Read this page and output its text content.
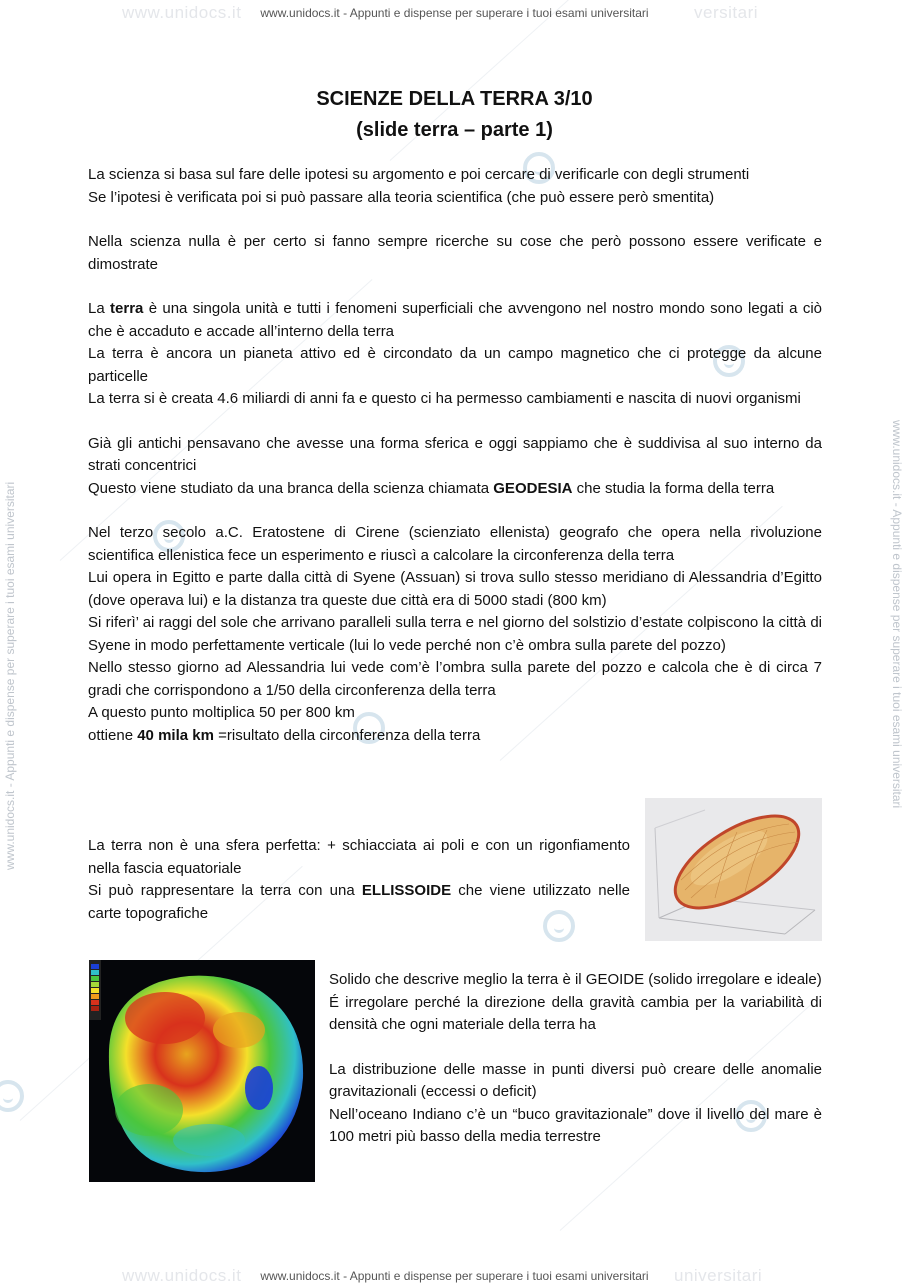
www.unidocs.it	versitari
www.unidocs.it	universitari
www.unidocs.it - Appunti e dispense per superare i tuoi esami universitari
www.unidocs.it - Appunti e dispense per superare i tuoi esami universitari
www.unidocs.it - Appunti e dispense per superare i tuoi esami universitari	www.unidocs.it - Appunti e dispense per superare i tuoi esami universitari
SCIENZE DELLA TERRA 3/10
(slide terra – parte 1)
La scienza si basa sul fare delle ipotesi su argomento e poi cercare di verificarle con degli strumenti
Se l’ipotesi è verificata poi si può passare alla teoria scientifica (che può essere però smentita)
Nella scienza nulla è per certo si fanno sempre ricerche su cose che però possono essere verificate e dimostrate
La terra è una singola unità e tutti i fenomeni superficiali che avvengono nel nostro mondo sono legati a ciò che è accaduto e accade all’interno della terra
La terra è ancora un pianeta attivo ed è circondato da un campo magnetico che ci protegge da alcune particelle
La terra si è creata 4.6 miliardi di anni fa e questo ci ha permesso cambiamenti e nascita di nuovi organismi
Già gli antichi pensavano che avesse una forma sferica e oggi sappiamo che è suddivisa al suo interno da strati concentrici
Questo viene studiato da una branca della scienza chiamata GEODESIA che studia la forma della terra
Nel terzo secolo a.C. Eratostene di Cirene (scienziato ellenista) geografo che opera nella rivoluzione scientifica ellenistica fece un esperimento e riuscì a calcolare la circonferenza della terra
Lui opera in Egitto e parte dalla città di Syene (Assuan) si trova sullo stesso meridiano di Alessandria d’Egitto (dove operava lui) e la distanza tra queste due città era di 5000 stadi (800 km)
Si riferì’ ai raggi del sole che arrivano paralleli sulla terra e nel giorno del solstizio d’estate colpiscono la città di Syene in modo perfettamente verticale (lui lo vede perché non c’è ombra sulla parete del pozzo)
Nello stesso giorno ad Alessandria lui vede com’è l’ombra sulla parete del pozzo e calcola che è di circa 7 gradi che corrispondono a 1/50 della circonferenza della terra
A questo punto moltiplica 50 per 800 km
ottiene 40 mila km =risultato della circonferenza della terra
La terra non è una sfera perfetta: + schiacciata ai poli e con un rigonfiamento nella fascia equatoriale
Si può rappresentare la terra con una ELLISSOIDE che viene utilizzato nelle carte topografiche
Solido che descrive meglio la terra è il GEOIDE (solido irregolare e ideale)
É irregolare perché la direzione della gravità cambia per la variabilità di densità che ogni materiale della terra ha
La distribuzione delle masse in punti diversi può creare delle anomalie gravitazionali (eccessi o deficit)
Nell’oceano Indiano c’è un “buco gravitazionale” dove il livello del mare è 100 metri più basso della media terrestre
